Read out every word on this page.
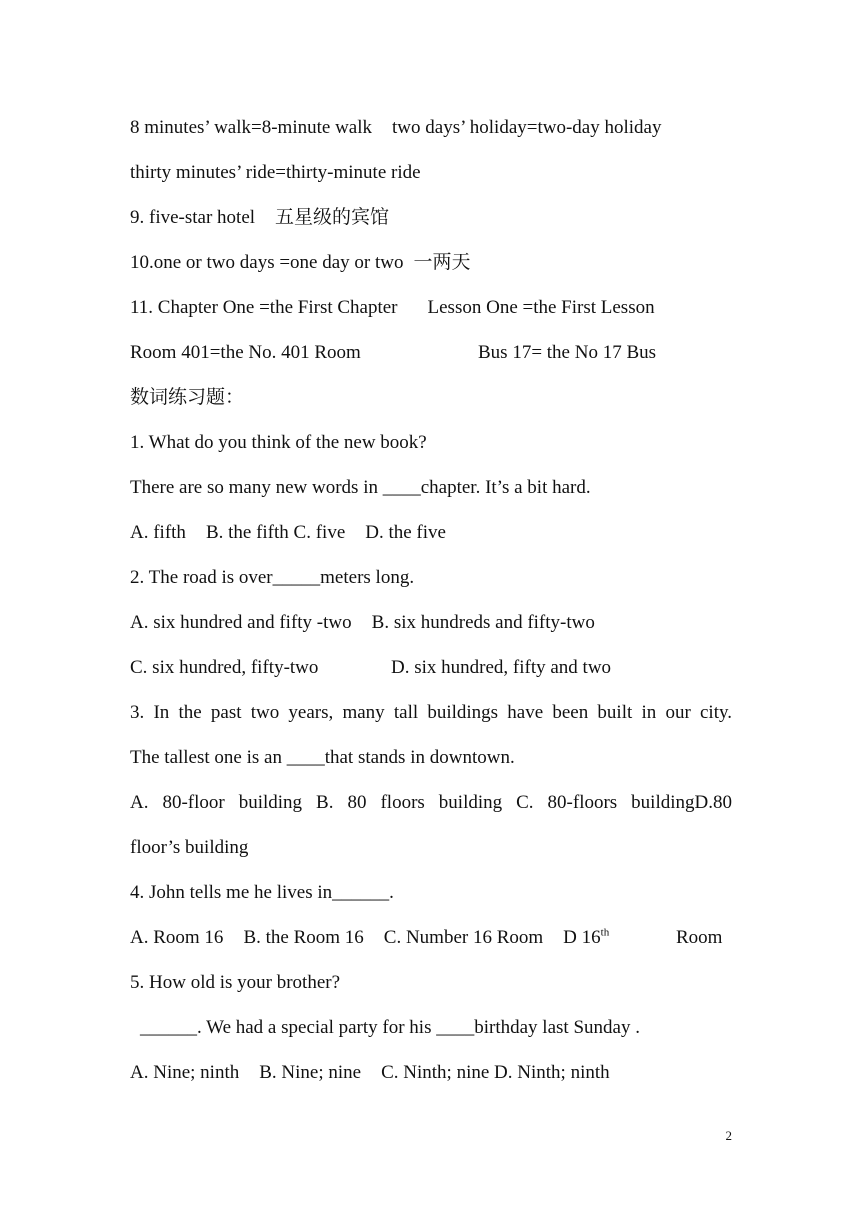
8 minutes’ walk=8-minute walk two days’ holiday=two-day holiday
thirty minutes’ ride=thirty-minute ride
9. five-star hotel 五星级的宾馆
10.one or two days =one day or two 一两天
11. Chapter One =the First Chapter Lesson One =the First Lesson
Room 401=the No. 401 Room	Bus 17= the No 17 Bus
数词练习题：
1. What do you think of the new book?
There are so many new words in ____chapter. It’s a bit hard.
A. fifth B. the fifth C. five D. the five
2. The road is over_____meters long.
A. six hundred and fifty -two B. six hundreds and fifty-two
C. six hundred, fifty-two	D. six hundred, fifty and two
3. In the past two years, many tall buildings have been built in our city.
The tallest one is an ____that stands in downtown.
A. 80-floor building B. 80 floors building C. 80-floors buildingD.80
floor’s building
4. John tells me he lives in______.
A. Room 16 B. the Room 16 C. Number 16 Room D 16th	Room
5. How old is your brother?
______. We had a special party for his ____birthday last Sunday .
A. Nine; ninth B. Nine; nine C. Ninth; nine D. Ninth; ninth
2
